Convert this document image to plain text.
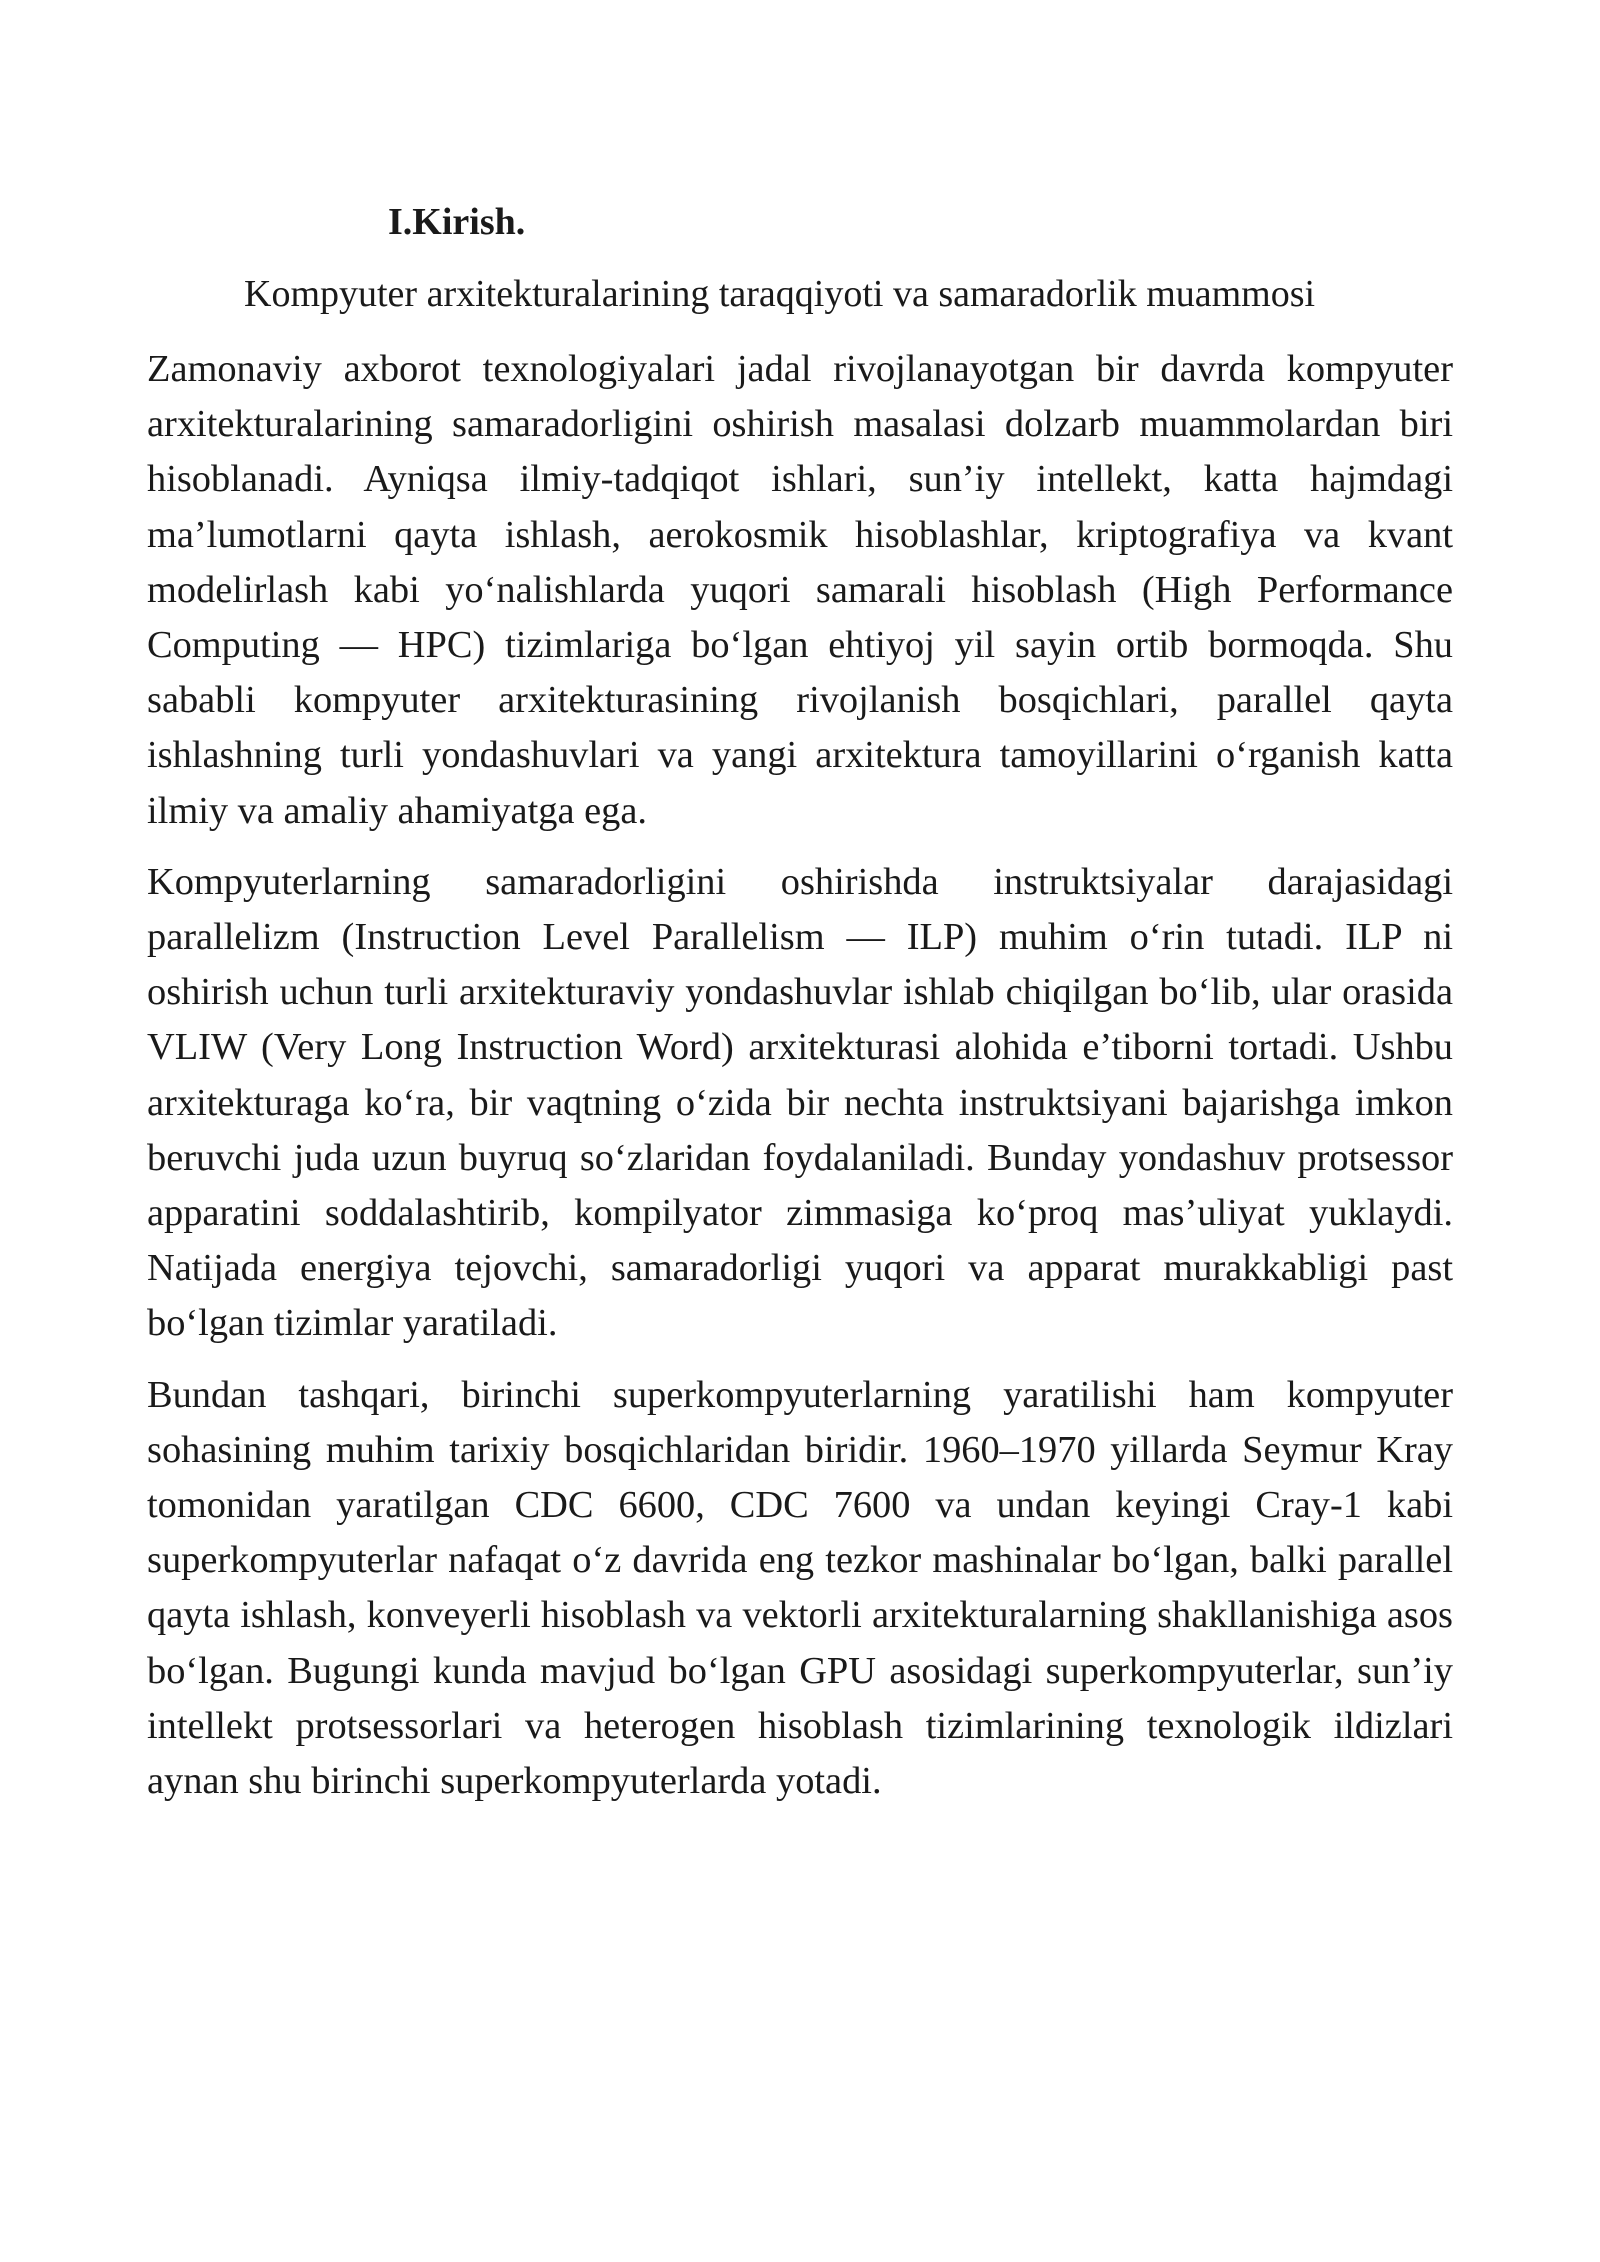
I.Kirish.
Kompyuter arxitekturalarining taraqqiyoti va samaradorlik muammosi

Zamonaviy axborot texnologiyalari jadal rivojlanayotgan bir davrda kompyuter arxitekturalarining samaradorligini oshirish masalasi dolzarb muammolardan biri hisoblanadi. Ayniqsa ilmiy-tadqiqot ishlari, sun’iy intellekt, katta hajmdagi ma’lumotlarni qayta ishlash, aerokosmik hisoblashlar, kriptografiya va kvant modelirlash kabi yo‘nalishlarda yuqori samarali hisoblash (High Performance Computing — HPC) tizimlariga bo‘lgan ehtiyoj yil sayin ortib bormoqda. Shu sababli kompyuter arxitekturasining rivojlanish bosqichlari, parallel qayta ishlashning turli yondashuvlari va yangi arxitektura tamoyillarini o‘rganish katta ilmiy va amaliy ahamiyatga ega.

Kompyuterlarning samaradorligini oshirishda instruktsiyalar darajasidagi parallelizm (Instruction Level Parallelism — ILP) muhim o‘rin tutadi. ILP ni oshirish uchun turli arxitekturaviy yondashuvlar ishlab chiqilgan bo‘lib, ular orasida VLIW (Very Long Instruction Word) arxitekturasi alohida e’tiborni tortadi. Ushbu arxitekturaga ko‘ra, bir vaqtning o‘zida bir nechta instruktsiyani bajarishga imkon beruvchi juda uzun buyruq so‘zlaridan foydalaniladi. Bunday yondashuv protsessor apparatini soddalashtirib, kompilyator zimmasiga ko‘proq mas’uliyat yuklaydi. Natijada energiya tejovchi, samaradorligi yuqori va apparat murakkabligi past bo‘lgan tizimlar yaratiladi.

Bundan tashqari, birinchi superkompyuterlarning yaratilishi ham kompyuter sohasining muhim tarixiy bosqichlaridan biridir. 1960–1970 yillarda Seymur Kray tomonidan yaratilgan CDC 6600, CDC 7600 va undan keyingi Cray-1 kabi superkompyuterlar nafaqat o‘z davrida eng tezkor mashinalar bo‘lgan, balki parallel qayta ishlash, konveyerli hisoblash va vektorli arxitekturalarning shakllanishiga asos bo‘lgan. Bugungi kunda mavjud bo‘lgan GPU asosidagi superkompyuterlar, sun’iy intellekt protsessorlari va heterogen hisoblash tizimlarining texnologik ildizlari aynan shu birinchi superkompyuterlarda yotadi.
